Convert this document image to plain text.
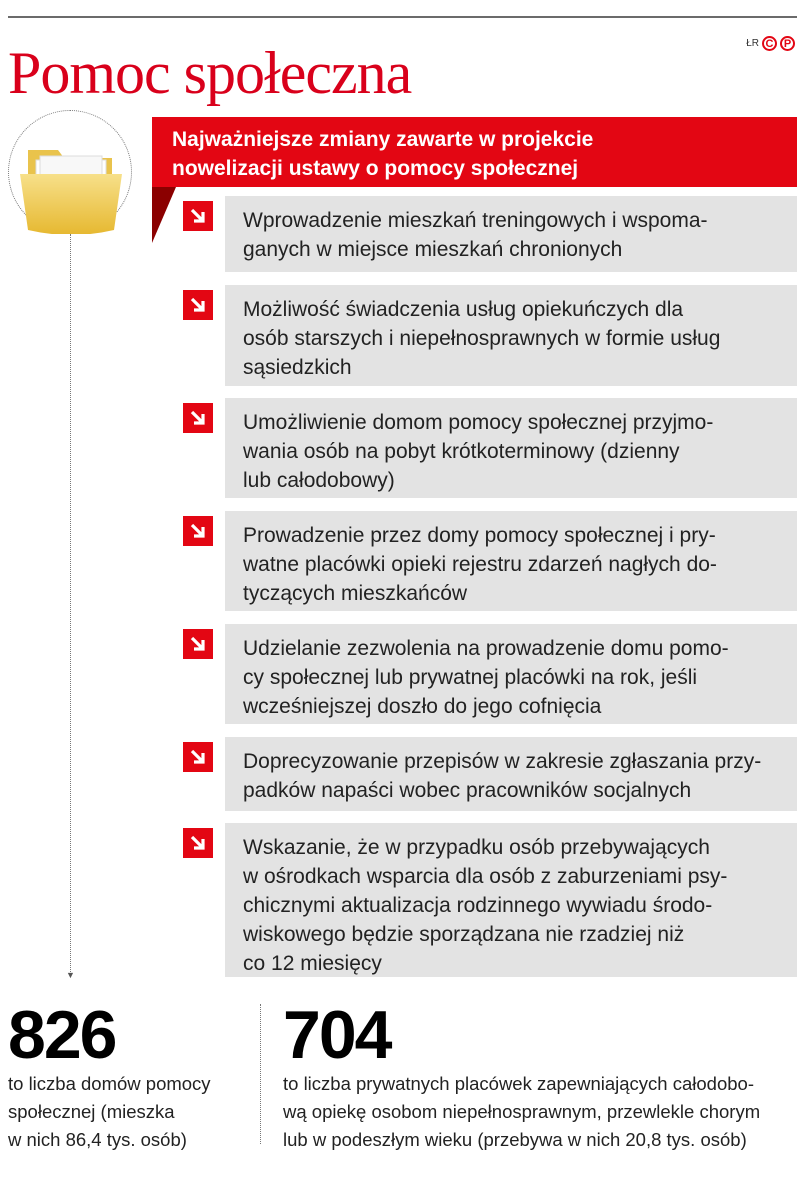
Pomoc społeczna	ŁR C P
▼
Najważniejsze zmiany zawarte w projekcie
nowelizacji ustawy o pomocy społecznej
Wprowadzenie mieszkań treningowych i wspoma-
ganych w miejsce mieszkań chronionych
Możliwość świadczenia usług opiekuńczych dla
osób starszych i niepełnosprawnych w formie usług
sąsiedzkich
Umożliwienie domom pomocy społecznej przyjmo-
wania osób na pobyt krótkoterminowy (dzienny
lub całodobowy)
Prowadzenie przez domy pomocy społecznej i pry-
watne placówki opieki rejestru zdarzeń nagłych do-
tyczących mieszkańców
Udzielanie zezwolenia na prowadzenie domu pomo-
cy społecznej lub prywatnej placówki na rok, jeśli
wcześniejszej doszło do jego cofnięcia
Doprecyzowanie przepisów w zakresie zgłaszania przy-
padków napaści wobec pracowników socjalnych
Wskazanie, że w przypadku osób przebywających
w ośrodkach wsparcia dla osób z zaburzeniami psy-
chicznymi aktualizacja rodzinnego wywiadu środo-
wiskowego będzie sporządzana nie rzadziej niż
co 12 miesięcy
826
to liczba domów pomocy
społecznej (mieszka
w nich 86,4 tys. osób)
704
to liczba prywatnych placówek zapewniających całodobo-
wą opiekę osobom niepełnosprawnym, przewlekle chorym
lub w podeszłym wieku (przebywa w nich 20,8 tys. osób)
